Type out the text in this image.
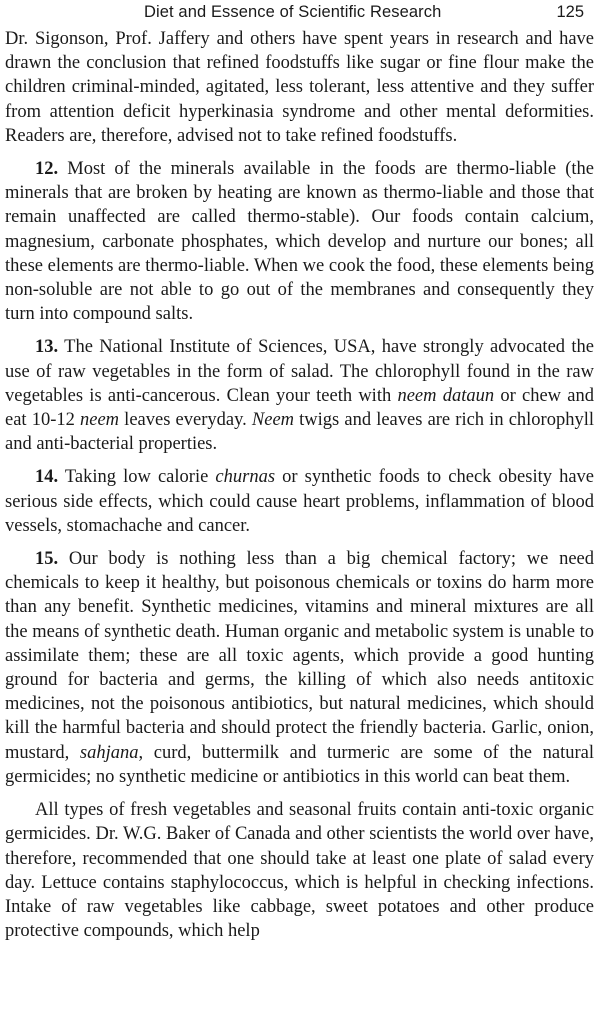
Diet and Essence of Scientific Research	125

Dr. Sigonson, Prof. Jaffery and others have spent years in research and have drawn the conclusion that refined foodstuffs like sugar or fine flour make the children criminal-minded, agitated, less tolerant, less attentive and they suffer from attention deficit hyperkinasia syndrome and other mental deformities. Readers are, therefore, advised not to take refined foodstuffs.

12. Most of the minerals available in the foods are thermo-liable (the minerals that are broken by heating are known as thermo-liable and those that remain unaffected are called thermo-stable). Our foods contain calcium, magnesium, carbonate phosphates, which develop and nurture our bones; all these elements are thermo-liable. When we cook the food, these elements being non-soluble are not able to go out of the membranes and consequently they turn into compound salts.

13. The National Institute of Sciences, USA, have strongly advocated the use of raw vegetables in the form of salad. The chlorophyll found in the raw vegetables is anti-cancerous. Clean your teeth with neem dataun or chew and eat 10-12 neem leaves everyday. Neem twigs and leaves are rich in chlorophyll and anti-bacterial properties.

14. Taking low calorie churnas or synthetic foods to check obesity have serious side effects, which could cause heart problems, inflammation of blood vessels, stomachache and cancer.

15. Our body is nothing less than a big chemical factory; we need chemicals to keep it healthy, but poisonous chemicals or toxins do harm more than any benefit. Synthetic medicines, vitamins and mineral mixtures are all the means of synthetic death. Human organic and metabolic system is unable to assimilate them; these are all toxic agents, which provide a good hunting ground for bacteria and germs, the killing of which also needs antitoxic medicines, not the poisonous antibiotics, but natural medicines, which should kill the harmful bacteria and should protect the friendly bacteria. Garlic, onion, mustard, sahjana, curd, buttermilk and turmeric are some of the natural germicides; no synthetic medicine or antibiotics in this world can beat them.

All types of fresh vegetables and seasonal fruits contain anti-toxic organic germicides. Dr. W.G. Baker of Canada and other scientists the world over have, therefore, recommended that one should take at least one plate of salad every day. Lettuce contains staphylococcus, which is helpful in checking infections. Intake of raw vegetables like cabbage, sweet potatoes and other produce protective compounds, which help
